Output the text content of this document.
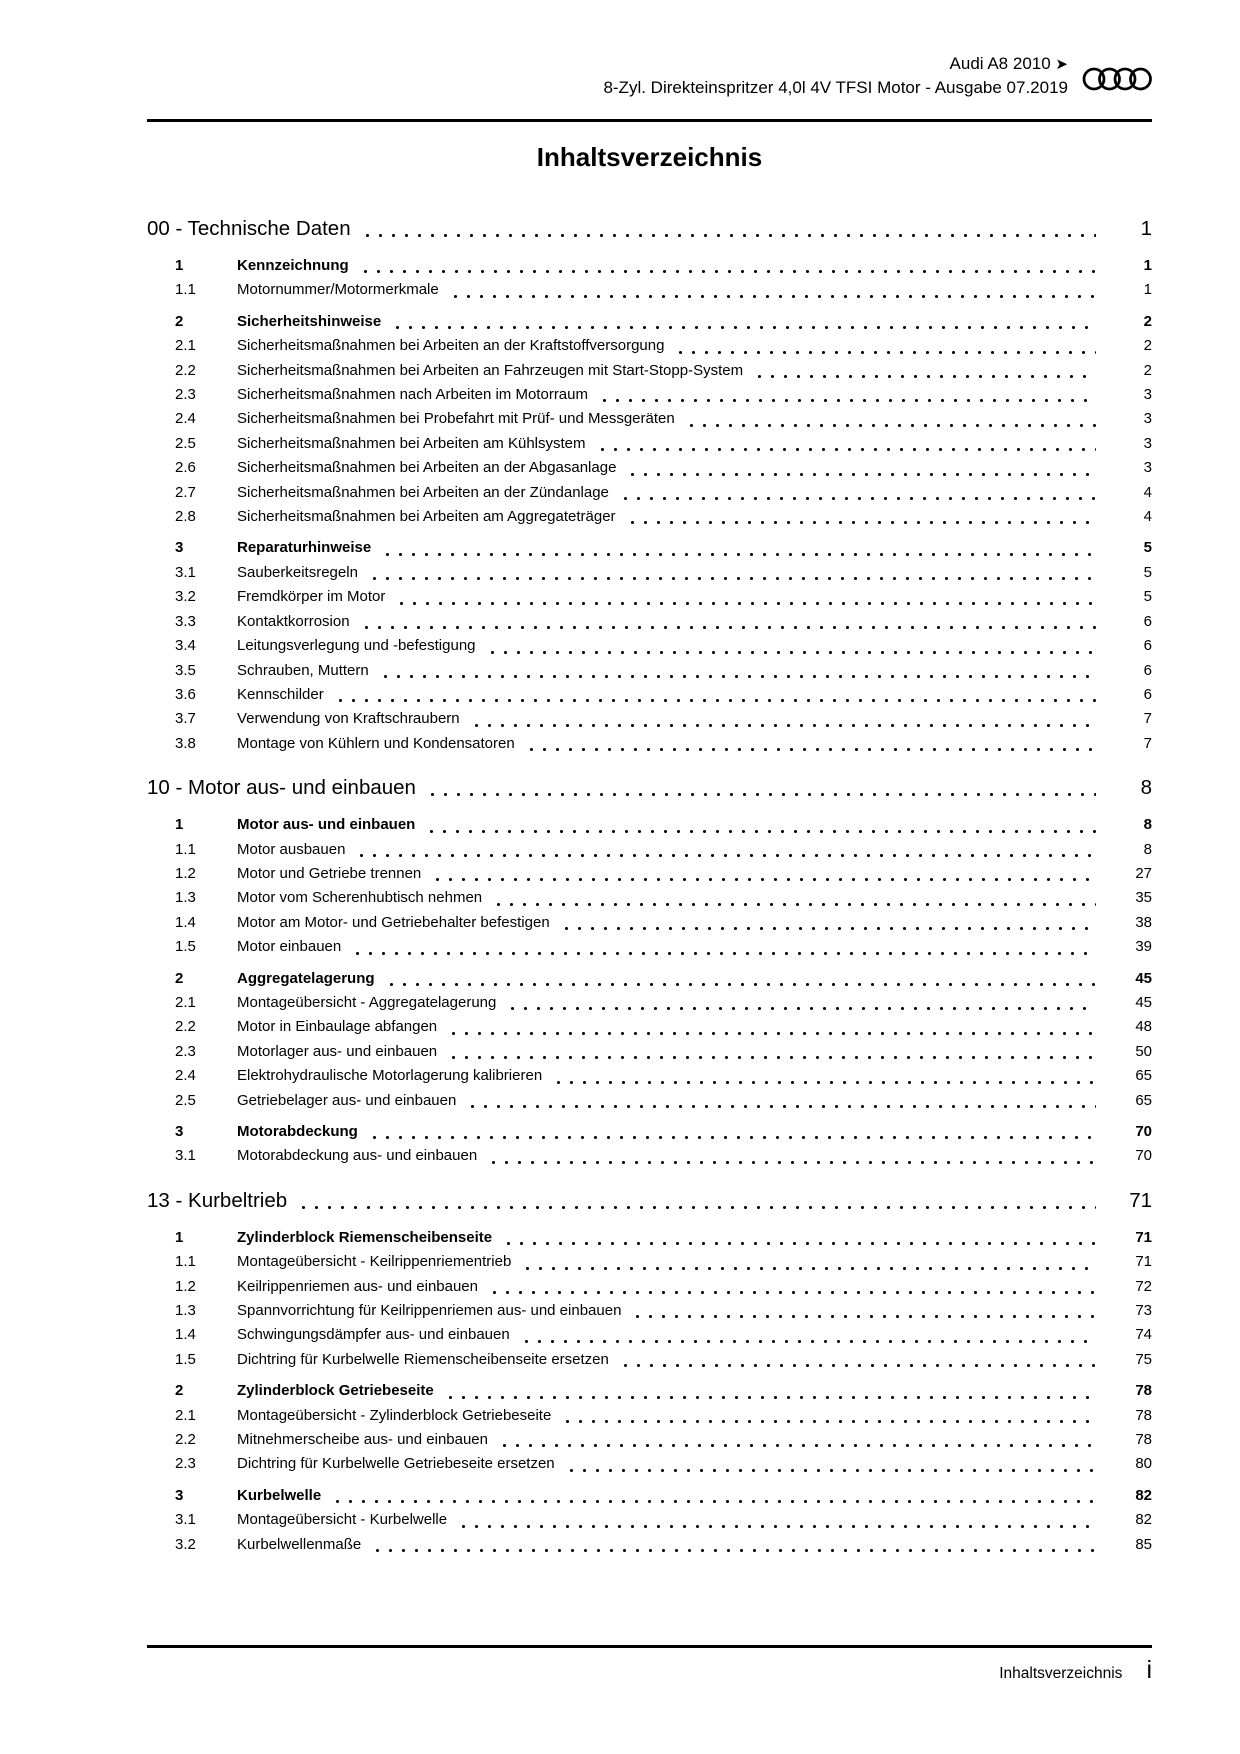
Audi A8 2010 ➤
8-Zyl. Direkteinspritzer 4,0l 4V TFSI Motor - Ausgabe 07.2019
Inhaltsverzeichnis
00 - Technische Daten	1
1	Kennzeichnung	1
1.1	Motornummer/Motormerkmale	1
2	Sicherheitshinweise	2
2.1	Sicherheitsmaßnahmen bei Arbeiten an der Kraftstoffversorgung	2
2.2	Sicherheitsmaßnahmen bei Arbeiten an Fahrzeugen mit Start-Stopp-System	2
2.3	Sicherheitsmaßnahmen nach Arbeiten im Motorraum	3
2.4	Sicherheitsmaßnahmen bei Probefahrt mit Prüf- und Messgeräten	3
2.5	Sicherheitsmaßnahmen bei Arbeiten am Kühlsystem	3
2.6	Sicherheitsmaßnahmen bei Arbeiten an der Abgasanlage	3
2.7	Sicherheitsmaßnahmen bei Arbeiten an der Zündanlage	4
2.8	Sicherheitsmaßnahmen bei Arbeiten am Aggregateträger	4
3	Reparaturhinweise	5
3.1	Sauberkeitsregeln	5
3.2	Fremdkörper im Motor	5
3.3	Kontaktkorrosion	6
3.4	Leitungsverlegung und -befestigung	6
3.5	Schrauben, Muttern	6
3.6	Kennschilder	6
3.7	Verwendung von Kraftschraubern	7
3.8	Montage von Kühlern und Kondensatoren	7
10 - Motor aus- und einbauen	8
1	Motor aus- und einbauen	8
1.1	Motor ausbauen	8
1.2	Motor und Getriebe trennen	27
1.3	Motor vom Scherenhubtisch nehmen	35
1.4	Motor am Motor- und Getriebehalter befestigen	38
1.5	Motor einbauen	39
2	Aggregatelagerung	45
2.1	Montageübersicht - Aggregatelagerung	45
2.2	Motor in Einbaulage abfangen	48
2.3	Motorlager aus- und einbauen	50
2.4	Elektrohydraulische Motorlagerung kalibrieren	65
2.5	Getriebelager aus- und einbauen	65
3	Motorabdeckung	70
3.1	Motorabdeckung aus- und einbauen	70
13 - Kurbeltrieb	71
1	Zylinderblock Riemenscheibenseite	71
1.1	Montageübersicht - Keilrippenriementrieb	71
1.2	Keilrippenriemen aus- und einbauen	72
1.3	Spannvorrichtung für Keilrippenriemen aus- und einbauen	73
1.4	Schwingungsdämpfer aus- und einbauen	74
1.5	Dichtring für Kurbelwelle Riemenscheibenseite ersetzen	75
2	Zylinderblock Getriebeseite	78
2.1	Montageübersicht - Zylinderblock Getriebeseite	78
2.2	Mitnehmerscheibe aus- und einbauen	78
2.3	Dichtring für Kurbelwelle Getriebeseite ersetzen	80
3	Kurbelwelle	82
3.1	Montageübersicht - Kurbelwelle	82
3.2	Kurbelwellenmaße	85
Inhaltsverzeichnis i
